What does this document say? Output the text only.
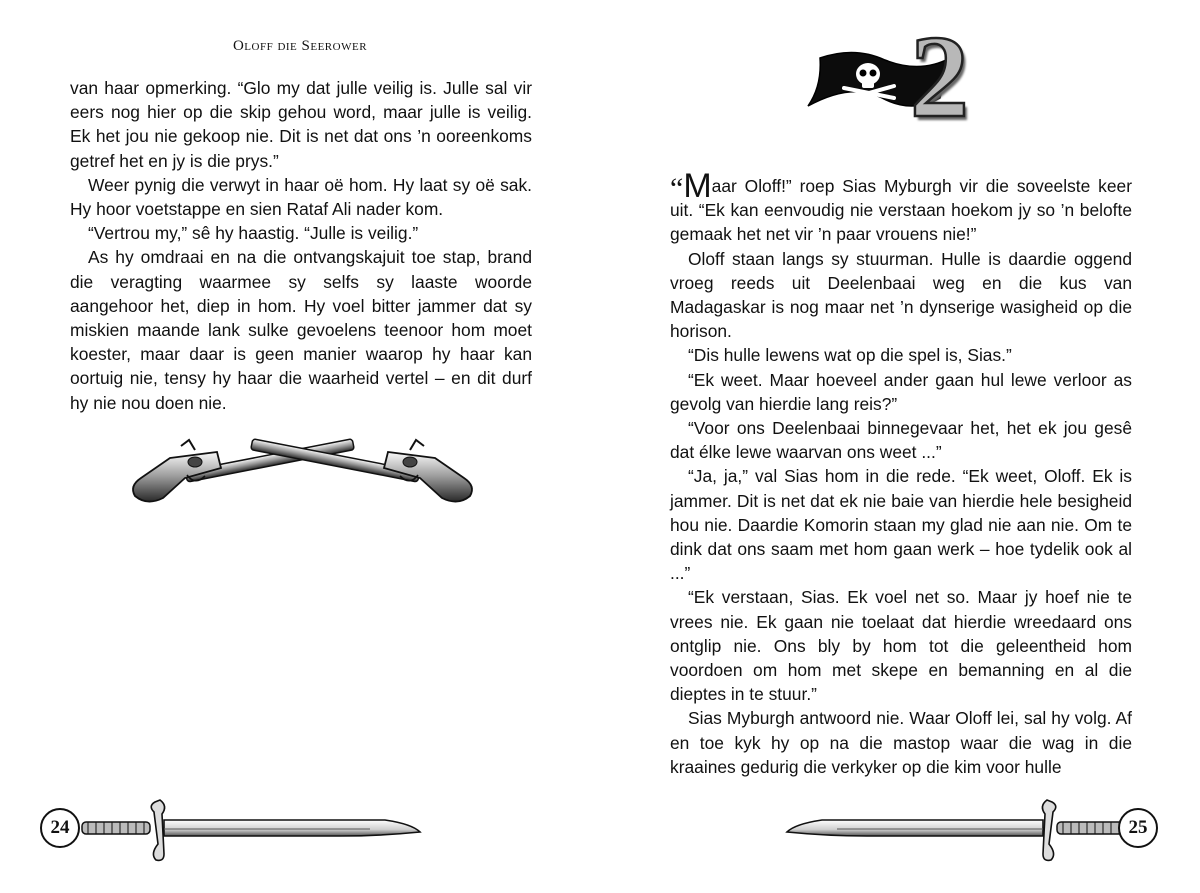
Oloff die Seerower

van haar opmerking. “Glo my dat julle veilig is. Julle sal vir eers nog hier op die skip gehou word, maar julle is veilig. Ek het jou nie gekoop nie. Dit is net dat ons ’n ooreenkoms getref het en jy is die prys.”

Weer pynig die verwyt in haar oë hom. Hy laat sy oë sak. Hy hoor voetstappe en sien Rataf Ali nader kom.

“Vertrou my,” sê hy haastig. “Julle is veilig.”

As hy omdraai en na die ontvangskajuit toe stap, brand die veragting waarmee sy selfs sy laaste woorde aangehoor het, diep in hom. Hy voel bitter jammer dat sy miskien maande lank sulke gevoelens teenoor hom moet koester, maar daar is geen manier waarop hy haar kan oortuig nie, tensy hy haar die waarheid vertel – en dit durf hy nie nou doen nie.

24
2

“Maar Oloff!” roep Sias Myburgh vir die soveelste keer uit. “Ek kan eenvoudig nie verstaan hoekom jy so ’n belofte gemaak het net vir ’n paar vrouens nie!”

Oloff staan langs sy stuurman. Hulle is daardie oggend vroeg reeds uit Deelenbaai weg en die kus van Madagaskar is nog maar net ’n dynserige wasigheid op die horison.

“Dis hulle lewens wat op die spel is, Sias.”

“Ek weet. Maar hoeveel ander gaan hul lewe verloor as gevolg van hierdie lang reis?”

“Voor ons Deelenbaai binnegevaar het, het ek jou gesê dat élke lewe waarvan ons weet ...”

“Ja, ja,” val Sias hom in die rede. “Ek weet, Oloff. Ek is jammer. Dit is net dat ek nie baie van hierdie hele besigheid hou nie. Daardie Komorin staan my glad nie aan nie. Om te dink dat ons saam met hom gaan werk – hoe tydelik ook al ...”

“Ek verstaan, Sias. Ek voel net so. Maar jy hoef nie te vrees nie. Ek gaan nie toelaat dat hierdie wreedaard ons ontglip nie. Ons bly by hom tot die geleentheid hom voordoen om hom met skepe en bemanning en al die dieptes in te stuur.”

Sias Myburgh antwoord nie. Waar Oloff lei, sal hy volg. Af en toe kyk hy op na die mastop waar die wag in die kraaines gedurig die verkyker op die kim voor hulle

25
